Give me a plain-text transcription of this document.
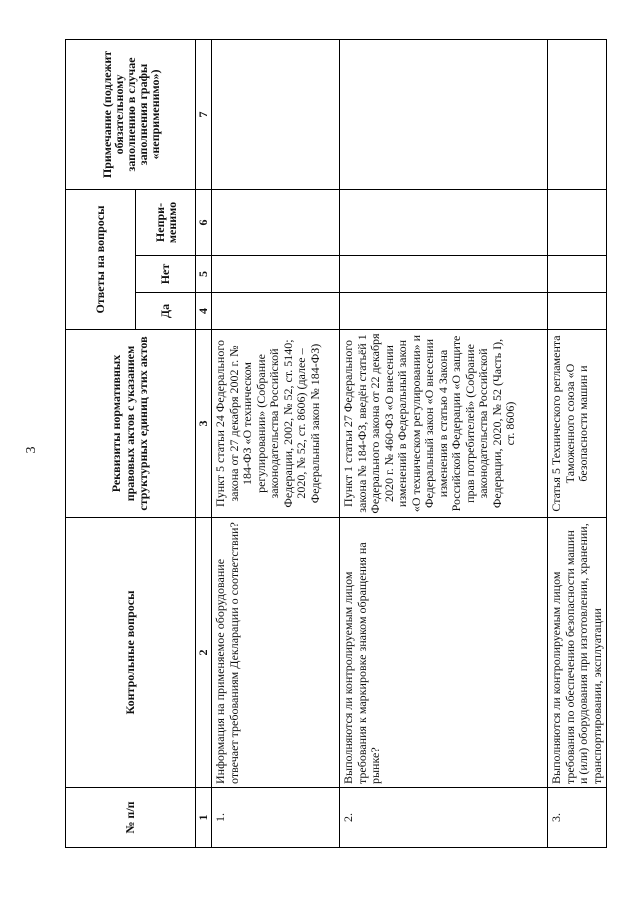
3
№ п/п	Контрольные вопросы	Реквизиты нормативных правовых актов с указанием структурных единиц этих актов	Ответы на вопросы			Примечание (подлежит обязательному заполнению в случае заполнения графы «неприменимо»)
			Да	Нет	Непри-менимо	
1	2	3	4	5	6	7
1.	Информация на применяемое оборудование отвечает требованиям Декларации о соответствии?	Пункт 5 статьи 24 Федерального закона от 27 декабря 2002 г. № 184-ФЗ «О техническом регулировании» (Собрание законодательства Российской Федерации, 2002, № 52, ст. 5140; 2020, № 52, ст. 8606) (далее – Федеральный закон № 184-ФЗ)				
2.	Выполняются ли контролируемым лицом требования к маркировке знаком обращения на рынке?	Пункт 1 статьи 27 Федерального закона № 184-ФЗ, введён статьёй 1 Федерального закона от 22 декабря 2020 г. № 460-ФЗ «О внесении изменений в Федеральный закон «О техническом регулировании» и Федеральный закон «О внесении изменения в статью 4 Закона Российской Федерации «О защите прав потребителей» (Собрание законодательства Российской Федерации, 2020, № 52 (Часть I), ст. 8606)				
3.	Выполняются ли контролируемым лицом требования по обеспечению безопасности машин и (или) оборудования при изготовлении, хранении, транспортировании, эксплуатации	Статья 5 Технического регламента Таможенного союза «О безопасности машин и				
